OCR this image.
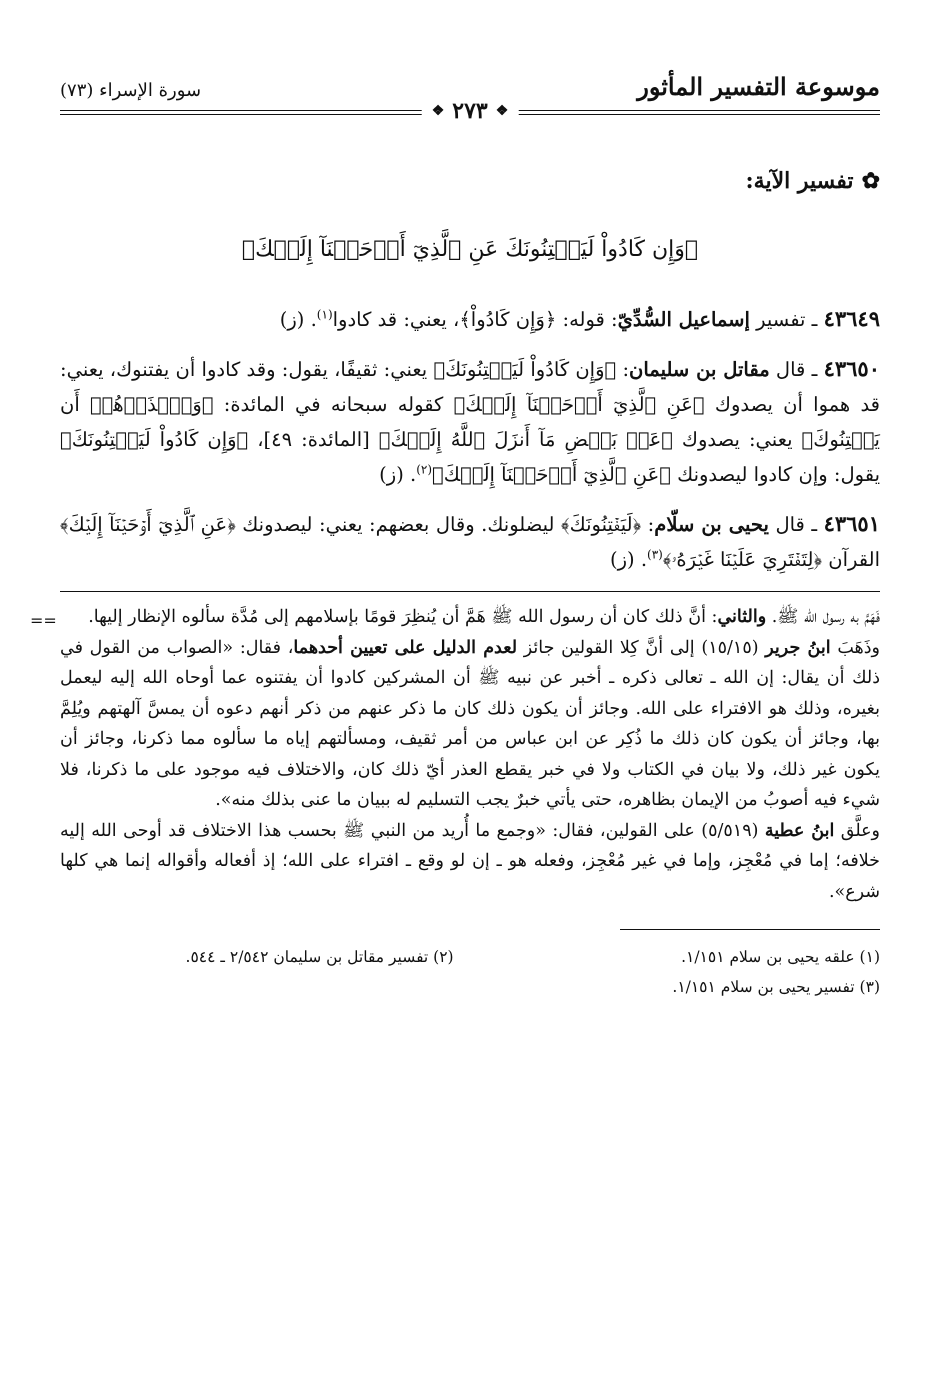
موسوعة التفسير المأثور
سورة الإسراء (٧٣)
❖
٢٧٣
❖
✿
تفسير الآية:
﴿وَإِن كَادُواْ لَيَفۡتِنُونَكَ عَنِ ٱلَّذِيٓ أَوۡحَيۡنَآ إِلَيۡكَ﴾
٤٣٦٤٩ ـ تفسير إسماعيل السُّدِّيّ: قوله: ﴿وَإِن كَادُواْ﴾، يعني: قد كادوا$^{(١)}$. (ز)
٤٣٦٥٠ ـ قال مقاتل بن سليمان: ﴿وَإِن كَادُواْ لَيَفۡتِنُونَكَ﴾ يعني: ثقيفًا، يقول: وقد كادوا أن يفتنوك، يعني: قد هموا أن يصدوك ﴿عَنِ ٱلَّذِيٓ أَوۡحَيۡنَآ إِلَيۡكَ﴾ كقوله سبحانه في المائدة: ﴿وَٱحۡذَرۡهُمۡ أَن يَفۡتِنُوكَ﴾ يعني: يصدوك ﴿عَنۢ بَعۡضِ مَآ أَنزَلَ ٱللَّهُ إِلَيۡكَ﴾ [المائدة: ٤٩]، ﴿وَإِن كَادُواْ لَيَفۡتِنُونَكَ﴾ يقول: وإن كادوا ليصدونك ﴿عَنِ ٱلَّذِيٓ أَوۡحَيۡنَآ إِلَيۡكَ﴾$^{(٢)}$. (ز)
٤٣٦٥١ ـ قال يحيى بن سلّام: ﴿لَيَفۡتِنُونَكَ﴾ ليضلونك. وقال بعضهم: يعني: ليصدونك ﴿عَنِ ٱلَّذِيٓ أَوۡحَيۡنَآ إِلَيۡكَ﴾ القرآن ﴿لِتَفۡتَرِيَ عَلَيۡنَا غَيۡرَهُۥ﴾$^{(٣)}$. (ز)
==	فَهَمَّ به رسول الله ﷺ. والثاني: أنَّ ذلك كان أن رسول الله ﷺ هَمَّ أن يُنظِرَ قومًا بإسلامهم إلى مُدَّة سألوه الإنظار إليها.

وذَهَبَ ابنُ جرير (١٥/١٥) إلى أنَّ كِلا القولين جائز لعدم الدليل على تعيين أحدهما، فقال: «الصواب من القول في ذلك أن يقال: إن الله ـ تعالى ذكره ـ أخبر عن نبيه ﷺ أن المشركين كادوا أن يفتنوه عما أوحاه الله إليه ليعمل بغيره، وذلك هو الافتراء على الله. وجائز أن يكون ذلك كان ما ذكر عنهم من ذكر أنهم دعوه أن يمسَّ آلهتهم ويُلِمَّ بها، وجائز أن يكون كان ذلك ما ذُكِر عن ابن عباس من أمر ثقيف، ومسألتهم إياه ما سألوه مما ذكرنا، وجائز أن يكون غير ذلك، ولا بيان في الكتاب ولا في خبر يقطع العذر أيّ ذلك كان، والاختلاف فيه موجود على ما ذكرنا، فلا شيء فيه أصوبُ من الإيمان بظاهره، حتى يأتي خبرٌ يجب التسليم له ببيان ما عنى بذلك منه».

وعلَّق ابنُ عطية (٥/٥١٩) على القولين، فقال: «وجمع ما أُريد من النبي ﷺ بحسب هذا الاختلاف قد أوحى الله إليه خلافه؛ إما في مُعْجِز، وإما في غير مُعْجِز، وفعله هو ـ إن لو وقع ـ افتراء على الله؛ إذ أفعاله وأقواله إنما هي كلها شرع».

(١) علقه يحيى بن سلام ١/١٥١.
(٢) تفسير مقاتل بن سليمان ٢/٥٤٢ ـ ٥٤٤.
(٣) تفسير يحيى بن سلام ١/١٥١.
